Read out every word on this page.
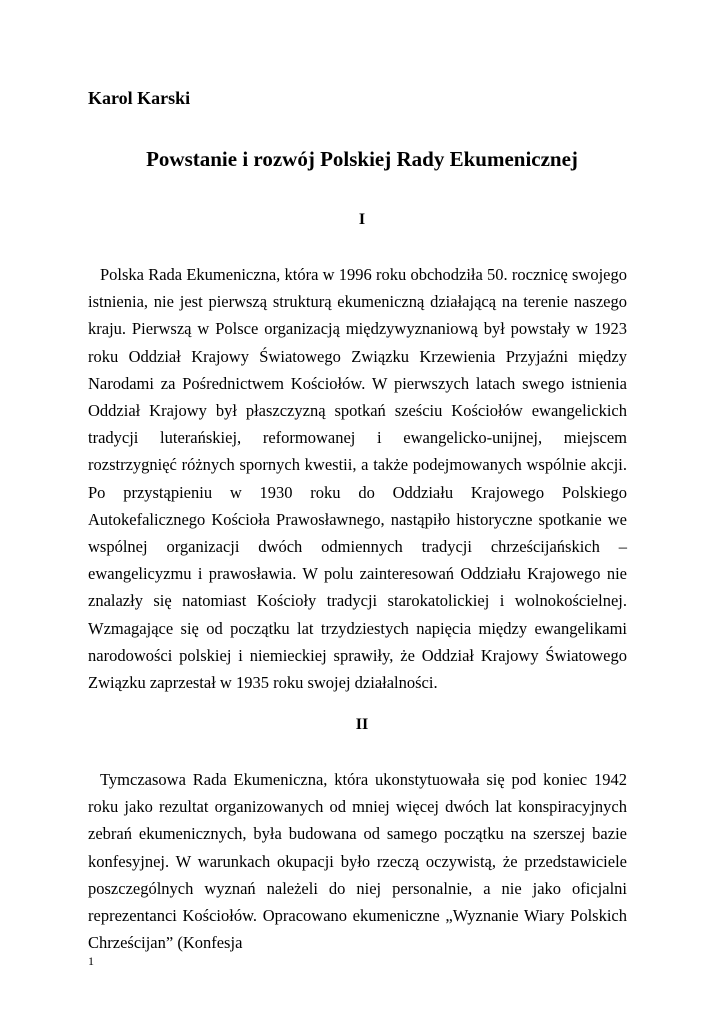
Karol Karski

Powstanie i rozwój Polskiej Rady Ekumenicznej
I

Polska Rada Ekumeniczna, która w 1996 roku obchodziła 50. rocznicę swojego istnienia, nie jest pierwszą strukturą ekumeniczną działającą na terenie naszego kraju. Pierwszą w Polsce organizacją międzywyznaniową był powstały w 1923 roku Oddział Krajowy Światowego Związku Krzewienia Przyjaźni między Narodami za Pośrednictwem Kościołów. W pierwszych latach swego istnienia Oddział Krajowy był płaszczyzną spotkań sześciu Kościołów ewangelickich tradycji luterańskiej, reformowanej i ewangelicko-unijnej, miejscem rozstrzygnięć różnych spornych kwestii, a także podejmowanych wspólnie akcji. Po przystąpieniu w 1930 roku do Oddziału Krajowego Polskiego Autokefalicznego Kościoła Prawosławnego, nastąpiło historyczne spotkanie we wspólnej organizacji dwóch odmiennych tradycji chrześcijańskich – ewangelicyzmu i prawosławia. W polu zainteresowań Oddziału Krajowego nie znalazły się natomiast Kościoły tradycji starokatolickiej i wolnokościelnej. Wzmagające się od początku lat trzydziestych napięcia między ewangelikami narodowości polskiej i niemieckiej sprawiły, że Oddział Krajowy Światowego Związku zaprzestał w 1935 roku swojej działalności.

II

Tymczasowa Rada Ekumeniczna, która ukonstytuowała się pod koniec 1942 roku jako rezultat organizowanych od mniej więcej dwóch lat konspiracyjnych zebrań ekumenicznych, była budowana od samego początku na szerszej bazie konfesyjnej. W warunkach okupacji było rzeczą oczywistą, że przedstawiciele poszczególnych wyznań należeli do niej personalnie, a nie jako oficjalni reprezentanci Kościołów. Opracowano ekumeniczne „Wyznanie Wiary Polskich Chrześcijan” (Konfesja

1
